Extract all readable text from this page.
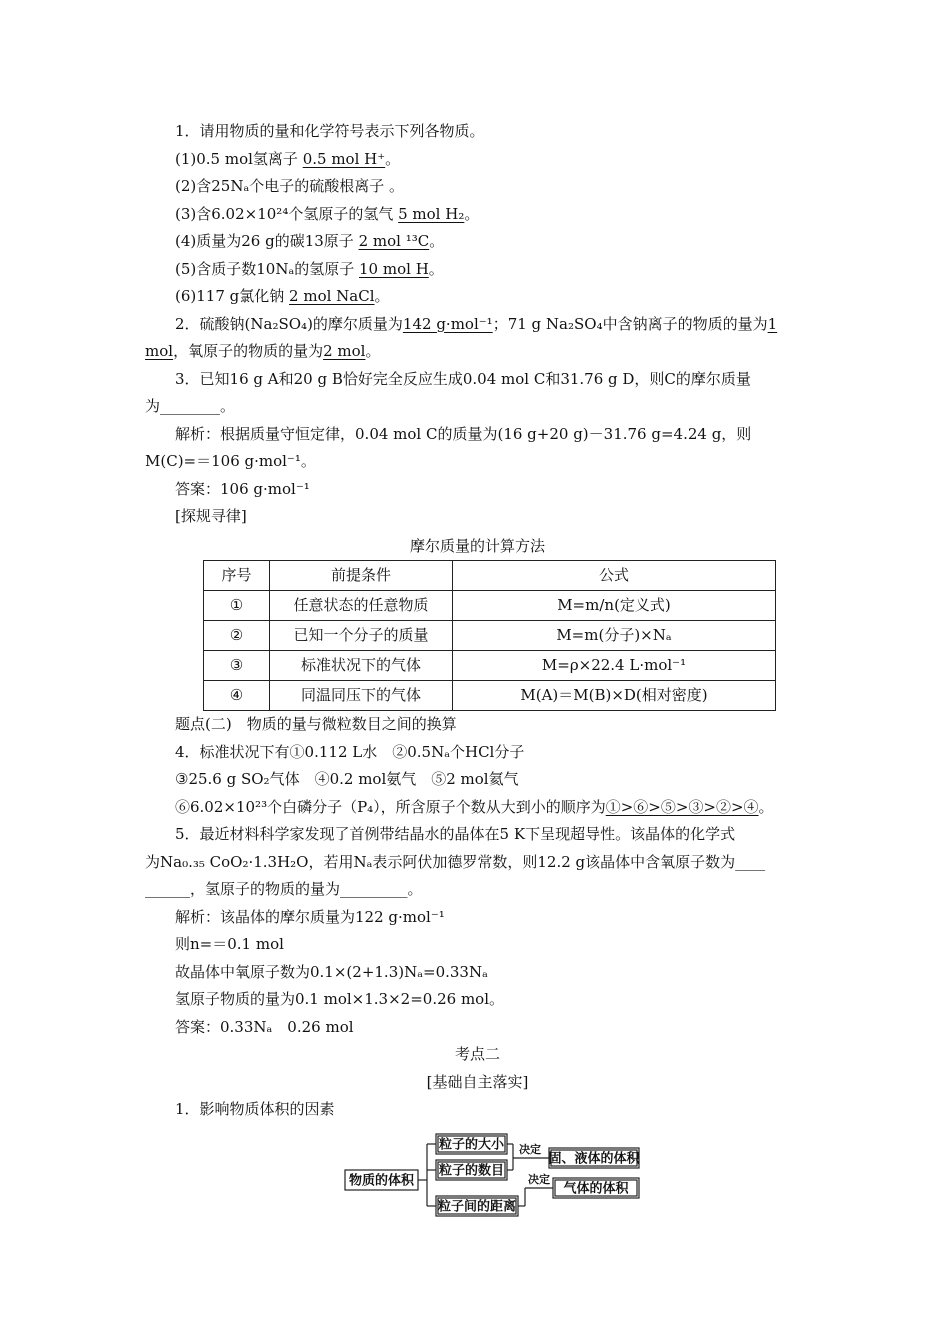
1．请用物质的量和化学符号表示下列各物质。
(1)0.5 mol氢离子 0.5 mol H⁺。
(2)含25Nₐ个电子的硫酸根离子 。
(3)含6.02×10²⁴个氢原子的氢气 5 mol H₂。
(4)质量为26 g的碳13原子 2 mol ¹³C。
(5)含质子数10Nₐ的氢原子 10 mol H。
(6)117 g氯化钠 2 mol NaCl。
2．硫酸钠(Na₂SO₄)的摩尔质量为142 g·mol⁻¹；71 g Na₂SO₄中含钠离子的物质的量为1 mol，氧原子的物质的量为2 mol。
3．已知16 g A和20 g B恰好完全反应生成0.04 mol C和31.76 g D，则C的摩尔质量
为________。
解析：根据质量守恒定律，0.04 mol C的质量为(16 g+20 g)－31.76 g=4.24 g，则
M(C)=＝106 g·mol⁻¹。
答案：106 g·mol⁻¹
[探规寻律]
摩尔质量的计算方法
序号	前提条件	公式
①	任意状态的任意物质	M=m/n(定义式)
②	已知一个分子的质量	M=m(分子)×Nₐ
③	标准状况下的气体	M=ρ×22.4 L·mol⁻¹
④	同温同压下的气体	M(A)＝M(B)×D(相对密度)
题点(二)　物质的量与微粒数目之间的换算
4．标准状况下有①0.112 L水　②0.5Nₐ个HCl分子
③25.6 g SO₂气体　④0.2 mol氨气　⑤2 mol氦气
⑥6.02×10²³个白磷分子（P₄），所含原子个数从大到小的顺序为①>⑥>⑤>③>②>④。
5．最近材料科学家发现了首例带结晶水的晶体在5 K下呈现超导性。该晶体的化学式
为Na₀.₃₅ CoO₂·1.3H₂O，若用Nₐ表示阿伏加德罗常数，则12.2 g该晶体中含氧原子数为____
______，氢原子的物质的量为_________。
解析：该晶体的摩尔质量为122 g·mol⁻¹
则n=＝0.1 mol
故晶体中氧原子数为0.1×(2+1.3)Nₐ=0.33Nₐ
氢原子物质的量为0.1 mol×1.3×2=0.26 mol。
答案：0.33Nₐ　0.26 mol
考点二
[基础自主落实]
1．影响物质体积的因素
物质的体积
粒子的大小
粒子的数目
粒子间的距离
决定
决定
固、液体的体积
气体的体积
